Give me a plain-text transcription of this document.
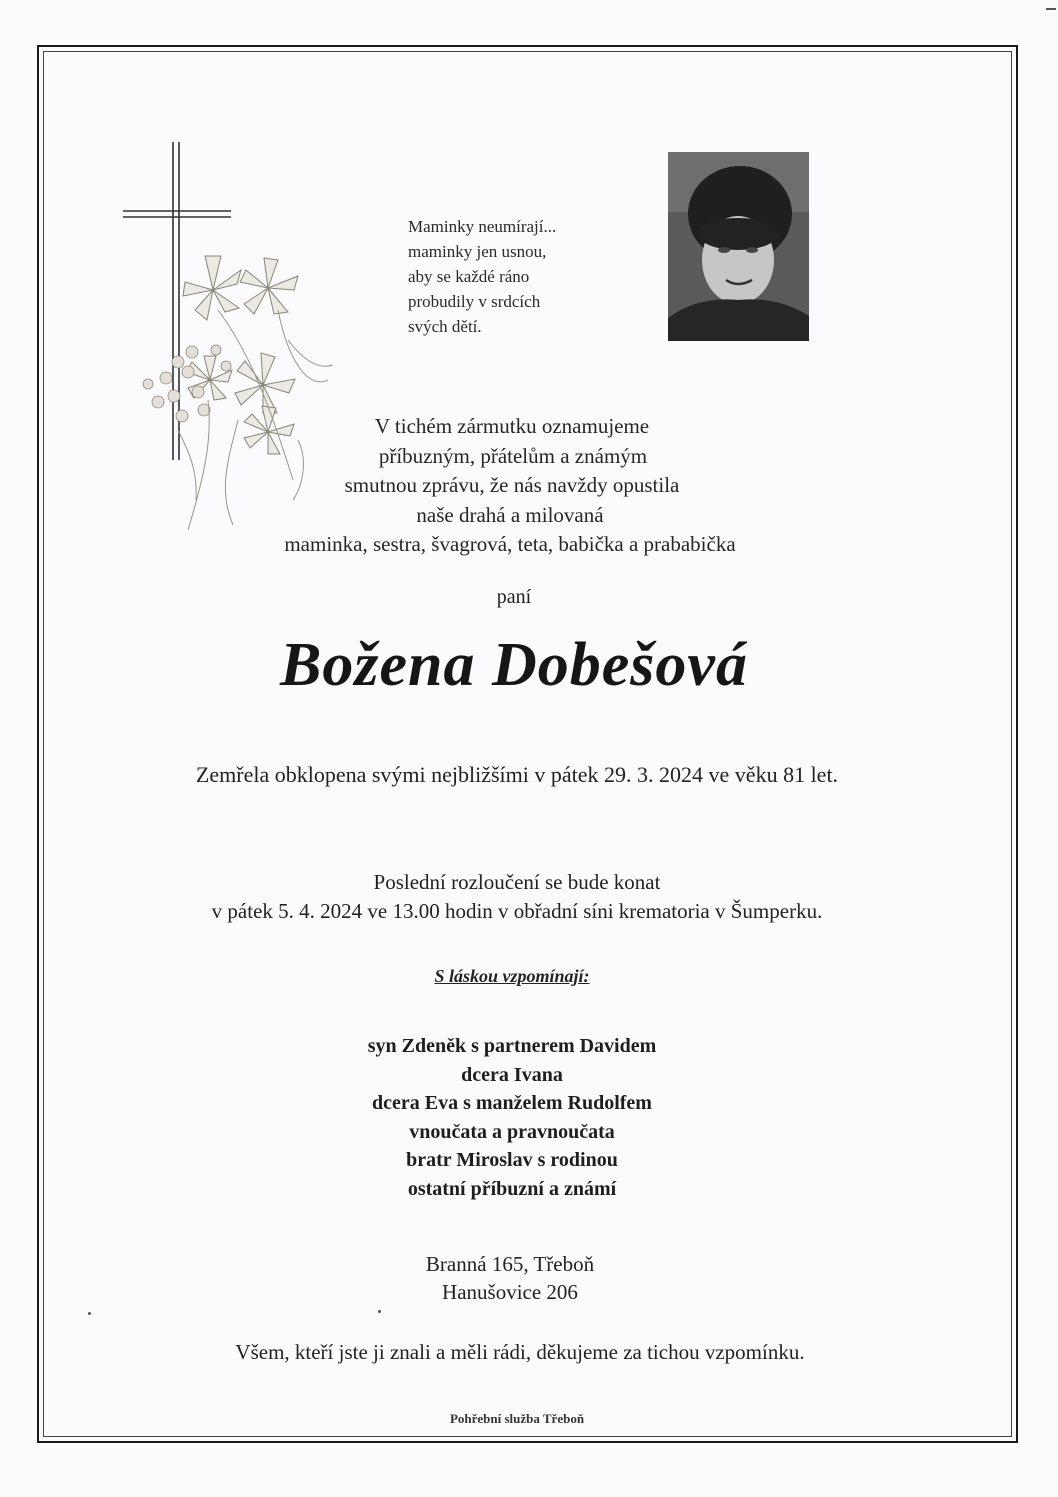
Maminky neumírají...
maminky jen usnou,
aby se každé ráno
probudily v srdcích
svých dětí.
V tichém zármutku oznamujeme
příbuzným, přátelům a známým
smutnou zprávu, že nás navždy opustila
naše drahá a milovaná
maminka, sestra, švagrová, teta, babička a prababička
paní
Božena Dobešová
Zemřela obklopena svými nejbližšími v pátek 29. 3. 2024 ve věku 81 let.
Poslední rozloučení se bude konat
v pátek 5. 4. 2024 ve 13.00 hodin v obřadní síni krematoria v Šumperku.
S láskou vzpomínají:
syn Zdeněk s partnerem Davidem
dcera Ivana
dcera Eva s manželem Rudolfem
vnoučata a pravnoučata
bratr Miroslav s rodinou
ostatní příbuzní a známí
Branná 165, Třeboň
Hanušovice 206
Všem, kteří jste ji znali a měli rádi, děkujeme za tichou vzpomínku.
Pohřební služba Třeboň
